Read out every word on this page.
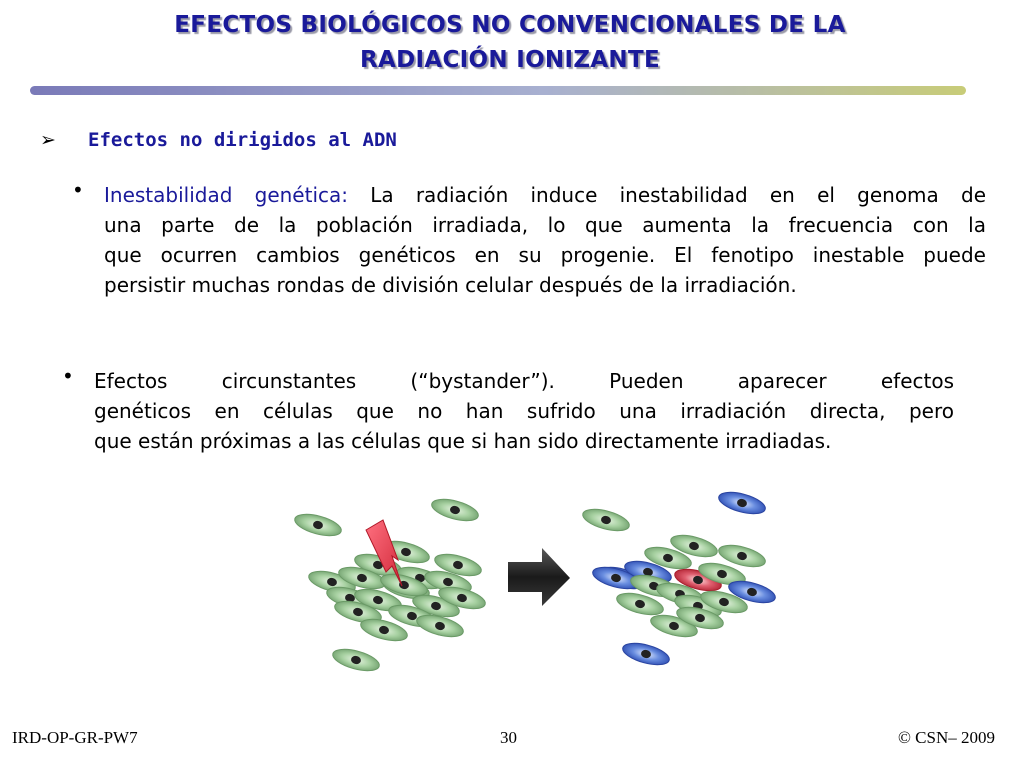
EFECTOS BIOLÓGICOS NO CONVENCIONALES DE LA
RADIACIÓN IONIZANTE
➢ Efectos no dirigidos al ADN
• Inestabilidad genética: La radiación induce inestabilidad en el genoma de
una parte de la población irradiada, lo que aumenta la frecuencia con la
que ocurren cambios genéticos en su progenie. El fenotipo inestable puede
persistir muchas rondas de división celular después de la irradiación.
• Efectos circunstantes (“bystander”). Pueden aparecer efectos
genéticos en células que no han sufrido una irradiación directa, pero
que están próximas a las células que si han sido directamente irradiadas.
IRD-OP-GR-PW7	30	© CSN– 2009
